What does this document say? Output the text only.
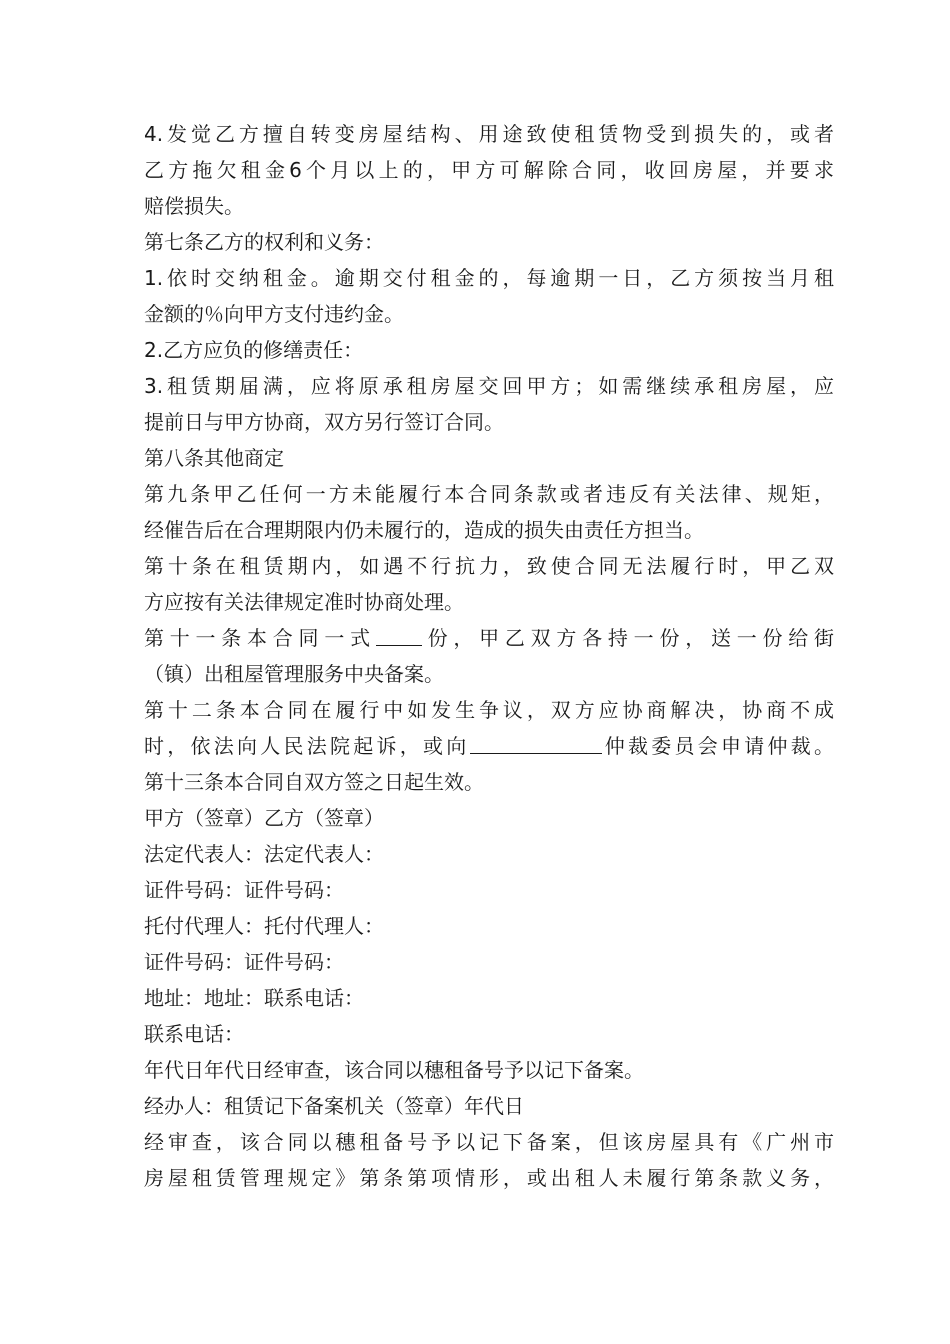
4.发觉乙方擅自转变房屋结构、用途致使租赁物受到损失的，或者
乙方拖欠租金6个月以上的，甲方可解除合同，收回房屋，并要求
赔偿损失。
第七条乙方的权利和义务：
1.依时交纳租金。逾期交付租金的，每逾期一日，乙方须按当月租
金额的％向甲方支付违约金。
2.乙方应负的修缮责任：
3.租赁期届满，应将原承租房屋交回甲方；如需继续承租房屋，应
提前日与甲方协商，双方另行签订合同。
第八条其他商定
第九条甲乙任何一方未能履行本合同条款或者违反有关法律、规矩，
经催告后在合理期限内仍未履行的，造成的损失由责任方担当。
第十条在租赁期内，如遇不行抗力，致使合同无法履行时，甲乙双
方应按有关法律规定准时协商处理。
第十一条本合同一式 份，甲乙双方各持一份，送一份给街
（镇）出租屋管理服务中央备案。
第十二条本合同在履行中如发生争议，双方应协商解决，协商不成
时，依法向人民法院起诉，或向	仲裁委员会申请仲裁。
第十三条本合同自双方签之日起生效。
甲方（签章）乙方（签章）
法定代表人：法定代表人：
证件号码：证件号码：
托付代理人：托付代理人：
证件号码：证件号码：
地址：地址：联系电话：
联系电话：
年代日年代日经审查，该合同以穗租备号予以记下备案。
经办人：租赁记下备案机关（签章）年代日
经审查，该合同以穗租备号予以记下备案，但该房屋具有《广州市
房屋租赁管理规定》第条第项情形，或出租人未履行第条款义务，
